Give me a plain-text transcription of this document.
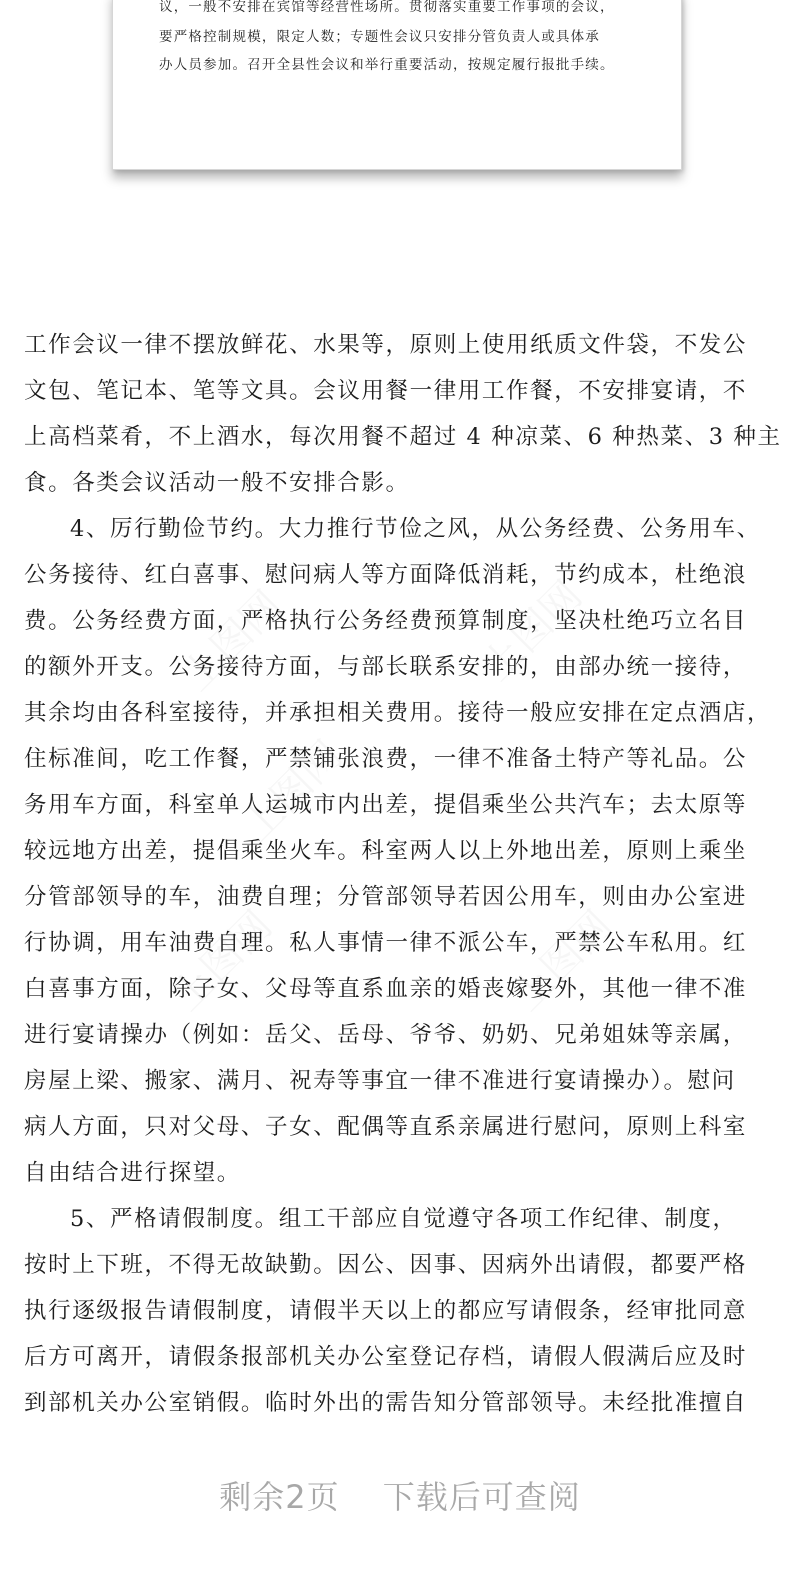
议，一般不安排在宾馆等经营性场所。贯彻落实重要工作事项的会议，
要严格控制规模，限定人数；专题性会议只安排分管负责人或具体承
办人员参加。召开全县性会议和举行重要活动，按规定履行报批手续。
工作会议一律不摆放鲜花、水果等，原则上使用纸质文件袋，不发公
文包、笔记本、笔等文具。会议用餐一律用工作餐，不安排宴请，不
上高档菜肴，不上酒水，每次用餐不超过 4 种凉菜、6 种热菜、3 种主
食。各类会议活动一般不安排合影。
4、厉行勤俭节约。大力推行节俭之风，从公务经费、公务用车、
公务接待、红白喜事、慰问病人等方面降低消耗，节约成本，杜绝浪
费。公务经费方面，严格执行公务经费预算制度，坚决杜绝巧立名目
的额外开支。公务接待方面，与部长联系安排的，由部办统一接待，
其余均由各科室接待，并承担相关费用。接待一般应安排在定点酒店，
住标准间，吃工作餐，严禁铺张浪费，一律不准备土特产等礼品。公
务用车方面，科室单人运城市内出差，提倡乘坐公共汽车；去太原等
较远地方出差，提倡乘坐火车。科室两人以上外地出差，原则上乘坐
分管部领导的车，油费自理；分管部领导若因公用车，则由办公室进
行协调，用车油费自理。私人事情一律不派公车，严禁公车私用。红
白喜事方面，除子女、父母等直系血亲的婚丧嫁娶外，其他一律不准
进行宴请操办（例如：岳父、岳母、爷爷、奶奶、兄弟姐妹等亲属，
房屋上梁、搬家、满月、祝寿等事宜一律不准进行宴请操办）。慰问
病人方面，只对父母、子女、配偶等直系亲属进行慰问，原则上科室
自由结合进行探望。
5、严格请假制度。组工干部应自觉遵守各项工作纪律、制度，
按时上下班，不得无故缺勤。因公、因事、因病外出请假，都要严格
执行逐级报告请假制度，请假半天以上的都应写请假条，经审批同意
后方可离开，请假条报部机关办公室登记存档，请假人假满后应及时
到部机关办公室销假。临时外出的需告知分管部领导。未经批准擅自
剩余2页 下载后可查阅
